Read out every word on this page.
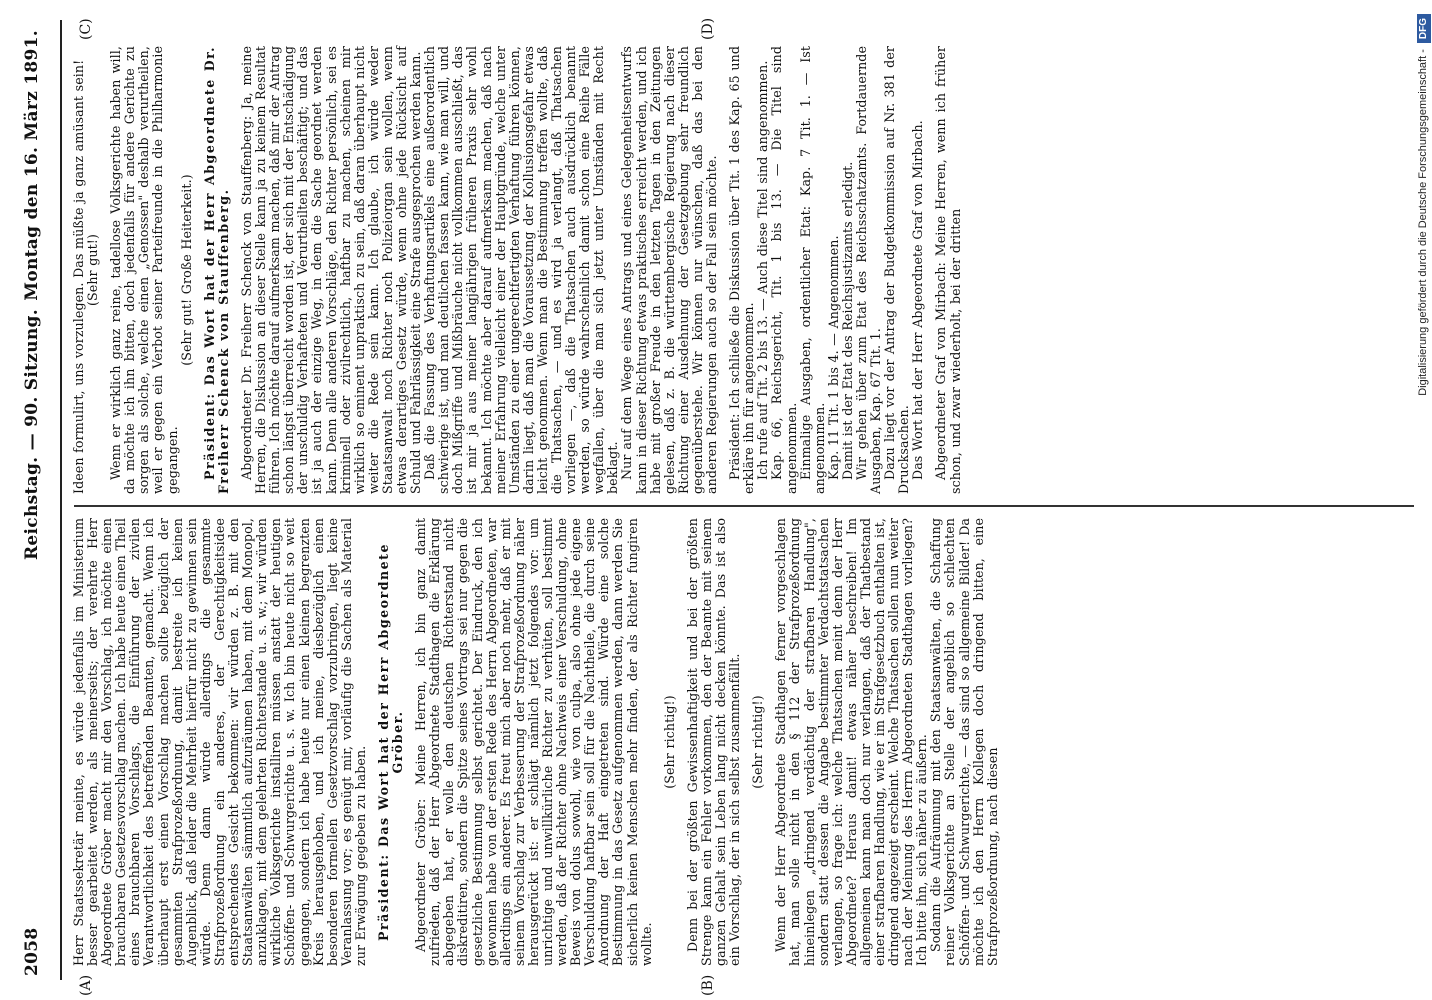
2058
Reichstag. — 90. Sitzung.
Montag den 16. März 1891.
(A)	(B)
(C)	(D)

Herr Staatssekretär meinte, es würde jedenfalls im Ministerium besser gearbeitet werden, als meinerseits; der verehrte Herr Abgeordnete Gröber macht mir den Vorschlag, ich möchte einen brauchbaren Gesetzesvorschlag machen. Ich habe heute einen Theil eines brauchbaren Vorschlags, die Einführung der zivilen Verantwortlichkeit des betreffenden Beamten, gemacht. Wenn ich überhaupt erst einen Vorschlag machen sollte bezüglich der gesammten Strafprozeßordnung, damit bestreite ich keinen Augenblick, daß leider die Mehrheit hierfür nicht zu gewinnen sein würde. Denn dann würde allerdings die gesammte Strafprozeßordnung ein anderes, der Gerechtigkeitsidee entsprechendes Gesicht bekommen: wir würden z. B. mit den Staatsanwälten sämmtlich aufzuräumen haben, mit dem Monopol, anzuklagen, mit dem gelehrten Richterstande u. s. w.; wir würden wirkliche Volksgerichte installiren müssen anstatt der heutigen Schöffen- und Schwurgerichte u. s. w. Ich bin heute nicht so weit gegangen, sondern ich habe heute nur einen kleinen begrenzten Kreis herausgehoben, und ich meine, diesbezüglich einen besonderen formellen Gesetzvorschlag vorzubringen, liegt keine Veranlassung vor; es genügt mir, vorläufig die Sachen als Material zur Erwägung gegeben zu haben. Präsident: Das Wort hat der Herr Abgeordnete Gröber. Abgeordneter Gröber: Meine Herren, ich bin ganz damit zufrieden, daß der Herr Abgeordnete Stadthagen die Erklärung abgegeben hat, er wolle den deutschen Richterstand nicht diskreditiren, sondern die Spitze seines Vortrags sei nur gegen die gesetzliche Bestimmung selbst gerichtet. Der Eindruck, den ich gewonnen habe von der ersten Rede des Herrn Abgeordneten, war allerdings ein anderer. Es freut mich aber noch mehr, daß er mit seinem Vorschlag zur Verbesserung der Strafprozeßordnung näher herausgerückt ist: er schlägt nämlich jetzt folgendes vor: um unrichtige und unwillkürliche Richter zu verhüten, soll bestimmt werden, daß der Richter ohne Nachweis einer Verschuldung, ohne Beweis von dolus sowohl, wie von culpa, also ohne jede eigene Verschuldung haftbar sein soll für die Nachtheile, die durch seine Anordnung der Haft eingetreten sind. Würde eine solche Bestimmung in das Gesetz aufgenommen werden, dann werden Sie sicherlich keinen Menschen mehr finden, der als Richter fungiren wollte.

(Sehr richtig!) Denn bei der größten Gewissenhaftigkeit und bei der größten Strenge kann ein Fehler vorkommen, den der Beamte mit seinem ganzen Gehalt sein Leben lang nicht decken könnte. Das ist also ein Vorschlag, der in sich selbst zusammenfällt. (Sehr richtig!) Wenn der Herr Abgeordnete Stadthagen ferner vorgeschlagen hat, man solle nicht in den § 112 der Strafprozeßordnung hineinlegen „dringend verdächtig der strafbaren Handlung", sondern statt dessen die Angabe bestimmter Verdachtstatsachen verlangen, so frage ich: welche Thatsachen meint denn der Herr Abgeordnete? Heraus damit! etwas näher beschreiben! Im allgemeinen kann man doch nur verlangen, daß der Thatbestand einer strafbaren Handlung, wie er im Strafgesetzbuch enthalten ist, dringend angezeigt erscheint. Welche Thatsachen sollen nun weiter nach der Meinung des Herrn Abgeordneten Stadthagen vorliegen? Ich bitte ihn, sich näher zu äußern. Sodann die Aufräumung mit den Staatsanwälten, die Schaffung reiner Volksgerichte an Stelle der angeblich so schlechten Schöffen- und Schwurgerichte, — das sind so allgemeine Bilder! Da möchte ich den Herrn Kollegen doch dringend bitten, eine Strafprozeßordnung, nach diesen

Ideen formulirt, uns vorzulegen. Das müßte ja ganz amüsant sein! (Sehr gut!) Wenn er wirklich ganz reine, tadellose Volksgerichte haben will, da möchte ich ihn bitten, doch jedenfalls für andere Gerichte zu sorgen als solche, welche einen „Genossen" deshalb verurtheilen, weil er gegen ein Verbot seiner Parteifreunde in die Philharmonie gegangen.

(Sehr gut! Große Heiterkeit.) Präsident: Das Wort hat der Herr Abgeordnete Dr. Freiherr Schenck von Stauffenberg. Abgeordneter Dr. Freiherr Schenck von Stauffenberg: Ja, meine Herren, die Diskussion an dieser Stelle kann ja zu keinem Resultat führen. Ich möchte darauf aufmerksam machen, daß mir der Antrag schon längst überreicht worden ist, der sich mit der Entschädigung der unschuldig Verhafteten und Verurtheilten beschäftigt; und das ist ja auch der einzige Weg, in dem die Sache geordnet werden kann. Denn alle anderen Vorschläge, den Richter persönlich, sei es kriminell oder zivilrechtlich, haftbar zu machen, scheinen mir wirklich so eminent unpraktisch zu sein, daß daran überhaupt nicht weiter die Rede sein kann. Ich glaube, ich würde weder Staatsanwalt noch Richter noch Polizeiorgan sein wollen, wenn etwas derartiges Gesetz würde, wenn ohne jede Rücksicht auf Schuld und Fahrlässigkeit eine Strafe ausgesprochen werden kann. Daß die Fassung des Verhaftungsartikels eine außerordentlich schwierige ist, und man deutlichen fassen kann, wie man will, und doch Mißgriffe und Mißbräuche nicht vollkommen ausschließt, das ist mir ja aus meiner langjährigen früheren Praxis sehr wohl bekannt. Ich möchte aber darauf aufmerksam machen, daß nach meiner Erfahrung vielleicht einer der Hauptgründe, welche unter Umständen zu einer ungerechtfertigten Verhaftung führen können, darin liegt, daß man die Voraussetzung der Kollusionsgefahr etwas leicht genommen. Wenn man die Bestimmung treffen wollte, daß die Thatsachen, — und es wird ja verlangt, daß Thatsachen vorliegen —, daß die Thatsachen auch ausdrücklich benannt werden, so würde wahrscheinlich damit schon eine Reihe Fälle wegfallen, über die man sich jetzt unter Umständen mit Recht beklagt. Nur auf dem Wege eines Antrags und eines Gelegenheitsentwurfs kann in dieser Richtung etwas praktisches erreicht werden, und ich habe mit großer Freude in den letzten Tagen in den Zeitungen gelesen, daß z. B. die württembergische Regierung nach dieser Richtung einer Ausdehnung der Gesetzgebung sehr freundlich gegenüberstehe. Wir können nur wünschen, daß das bei den anderen Regierungen auch so der Fall sein möchte. Präsident: Ich schließe die Diskussion über Tit. 1 des Kap. 65 und erkläre ihn für angenommen. Ich rufe auf Tit. 2 bis 13. — Auch diese Titel sind angenommen. Kap. 66, Reichsgericht, Tit. 1 bis 13. — Die Titel sind angenommen. Einmalige Ausgaben, ordentlicher Etat: Kap. 7 Tit. 1. — Ist angenommen. Kap. 11 Tit. 1 bis 4. — Angenommen. Damit ist der Etat des Reichsjustizamts erledigt. Wir gehen über zum Etat des Reichsschatzamts. Fortdauernde Ausgaben, Kap. 67 Tit. 1. Dazu liegt vor der Antrag der Budgetkommission auf Nr. 381 der Drucksachen. Das Wort hat der Herr Abgeordnete Graf von Mirbach. Abgeordneter Graf von Mirbach: Meine Herren, wenn ich früher schon, und zwar wiederholt, bei der dritten	Digitalisierung gefördert durch die Deutsche Forschungsgemeinschaft -DFG
